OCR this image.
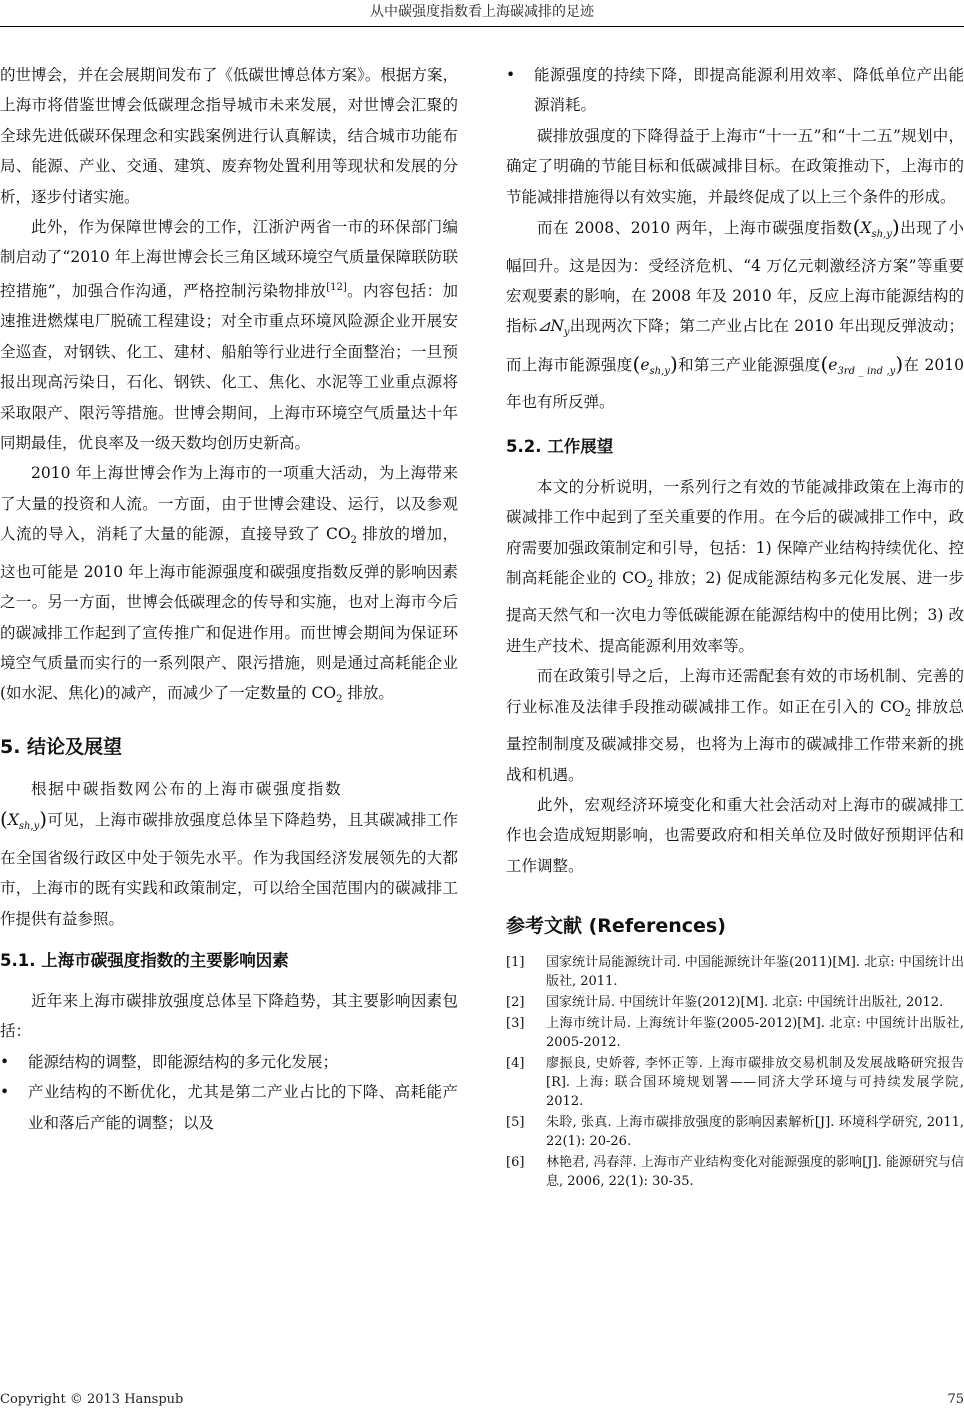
从中碳强度指数看上海碳减排的足迹

的世博会，并在会展期间发布了《低碳世博总体方案》。根据方案，上海市将借鉴世博会低碳理念指导城市未来发展，对世博会汇聚的全球先进低碳环保理念和实践案例进行认真解读，结合城市功能布局、能源、产业、交通、建筑、废弃物处置利用等现状和发展的分析，逐步付诸实施。

此外，作为保障世博会的工作，江浙沪两省一市的环保部门编制启动了“2010 年上海世博会长三角区域环境空气质量保障联防联控措施”，加强合作沟通，严格控制污染物排放[12]。内容包括：加速推进燃煤电厂脱硫工程建设；对全市重点环境风险源企业开展安全巡查，对钢铁、化工、建材、船舶等行业进行全面整治；一旦预报出现高污染日，石化、钢铁、化工、焦化、水泥等工业重点源将采取限产、限污等措施。世博会期间，上海市环境空气质量达十年同期最佳，优良率及一级天数均创历史新高。

2010 年上海世博会作为上海市的一项重大活动，为上海带来了大量的投资和人流。一方面，由于世博会建设、运行，以及参观人流的导入，消耗了大量的能源，直接导致了 $CO_2$ 排放的增加，这也可能是 2010 年上海市能源强度和碳强度指数反弹的影响因素之一。另一方面，世博会低碳理念的传导和实施，也对上海市今后的碳减排工作起到了宣传推广和促进作用。而世博会期间为保证环境空气质量而实行的一系列限产、限污措施，则是通过高耗能企业(如水泥、焦化)的减产，而减少了一定数量的 $CO_2$ 排放。

5. 结论及展望

根据中碳指数网公布的上海市碳强度指数

$(X_{sh,y})$可见，上海市碳排放强度总体呈下降趋势，且其碳减排工作在全国省级行政区中处于领先水平。作为我国经济发展领先的大都市，上海市的既有实践和政策制定，可以给全国范围内的碳减排工作提供有益参照。

5.1. 上海市碳强度指数的主要影响因素

近年来上海市碳排放强度总体呈下降趋势，其主要影响因素包括：

• 能源结构的调整，即能源结构的多元化发展；
• 产业结构的不断优化，尤其是第二产业占比的下降、高耗能产业和落后产能的调整；以及
• 能源强度的持续下降，即提高能源利用效率、降低单位产出能源消耗。

碳排放强度的下降得益于上海市“十一五”和“十二五”规划中，确定了明确的节能目标和低碳减排目标。在政策推动下，上海市的节能减排措施得以有效实施，并最终促成了以上三个条件的形成。

而在 2008、2010 两年，上海市碳强度指数$(X_{sh,y})$出现了小幅回升。这是因为：受经济危机、“4 万亿元刺激经济方案”等重要宏观要素的影响，在 2008 年及 2010 年，反应上海市能源结构的指标$⊿N_y$出现两次下降；第二产业占比在 2010 年出现反弹波动；而上海市能源强度$(e_{sh,y})$和第三产业能源强度$(e_{3rd \_ ind ,y})$在 2010 年也有所反弹。

5.2. 工作展望

本文的分析说明，一系列行之有效的节能减排政策在上海市的碳减排工作中起到了至关重要的作用。在今后的碳减排工作中，政府需要加强政策制定和引导，包括：1) 保障产业结构持续优化、控制高耗能企业的 $CO_2$ 排放；2) 促成能源结构多元化发展、进一步提高天然气和一次电力等低碳能源在能源结构中的使用比例；3) 改进生产技术、提高能源利用效率等。

而在政策引导之后，上海市还需配套有效的市场机制、完善的行业标准及法律手段推动碳减排工作。如正在引入的 $CO_2$ 排放总量控制制度及碳减排交易，也将为上海市的碳减排工作带来新的挑战和机遇。

此外，宏观经济环境变化和重大社会活动对上海市的碳减排工作也会造成短期影响，也需要政府和相关单位及时做好预期评估和工作调整。

参考文献 (References)
[1]	国家统计局能源统计司. 中国能源统计年鉴(2011)[M]. 北京: 中国统计出版社, 2011.
[2]	国家统计局. 中国统计年鉴(2012)[M]. 北京: 中国统计出版社, 2012.
[3]	上海市统计局. 上海统计年鉴(2005-2012)[M]. 北京: 中国统计出版社, 2005-2012.
[4]	廖振良, 史娇蓉, 李怀正等. 上海市碳排放交易机制及发展战略研究报告[R]. 上海: 联合国环境规划署——同济大学环境与可持续发展学院, 2012.
[5]	朱聆, 张真. 上海市碳排放强度的影响因素解析[J]. 环境科学研究, 2011, 22(1): 20-26.
[6]	林艳君, 冯春萍. 上海市产业结构变化对能源强度的影响[J]. 能源研究与信息, 2006, 22(1): 30-35.
Copyright © 2013 Hanspub	75
